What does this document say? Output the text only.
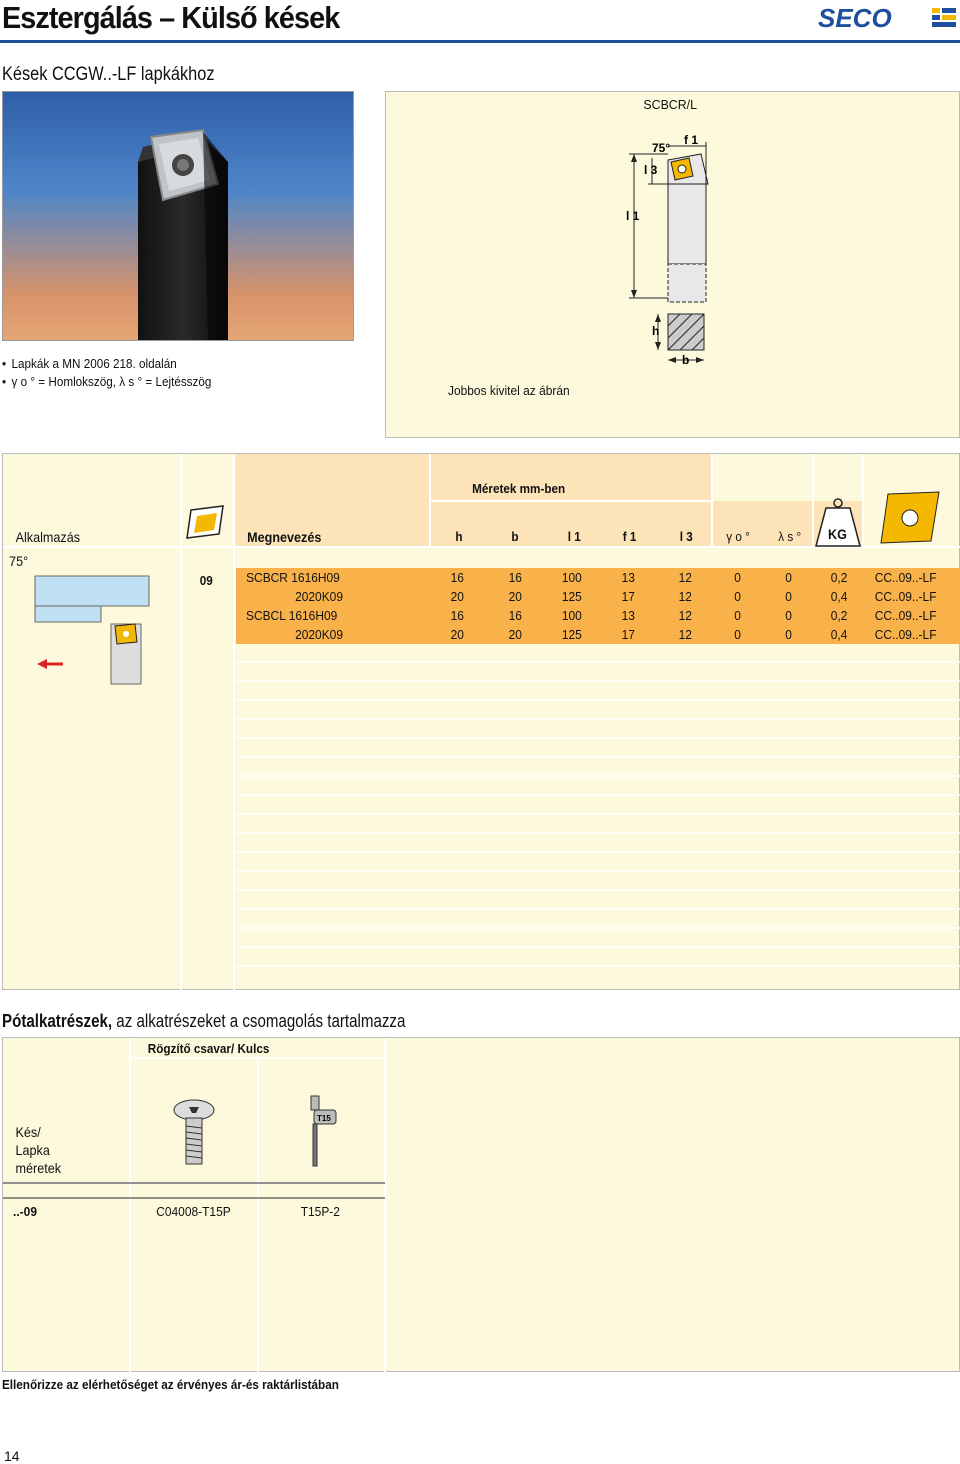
Esztergálás – Külső kések	SECO
Kések CCGW..-LF lapkákhoz
• Lapkák a MN 2006 218. oldalán
• γ o ° = Homlokszög, λ s ° = Lejtésszög
SCBCR/L
75°
f 1
l 3
l 1
h
b
Jobbos kivitel az ábrán
Méretek mm-ben
Alkalmazás	Megnevezés	h	b	l 1	f 1	l 3	γ o ° λ s ° KG
75°
09	SCBCR 1616H09	16	16	100	13	12	0	0	0,2 CC..09..-LF
2020K09	20	20	125	17	12	0	0	0,4 CC..09..-LF
SCBCL 1616H09	16	16	100	13	12	0	0	0,2 CC..09..-LF
2020K09	20	20	125	17	12	0	0	0,4 CC..09..-LF
Pótalkatrészek, az alkatrészeket a csomagolás tartalmazza
T15
Rögzítő csavar/ Kulcs
Kés/ Lapka méretek
..-09	C04008-T15P	T15P-2
Ellenőrizze az elérhetőséget az érvényes ár-és raktárlistában
14
